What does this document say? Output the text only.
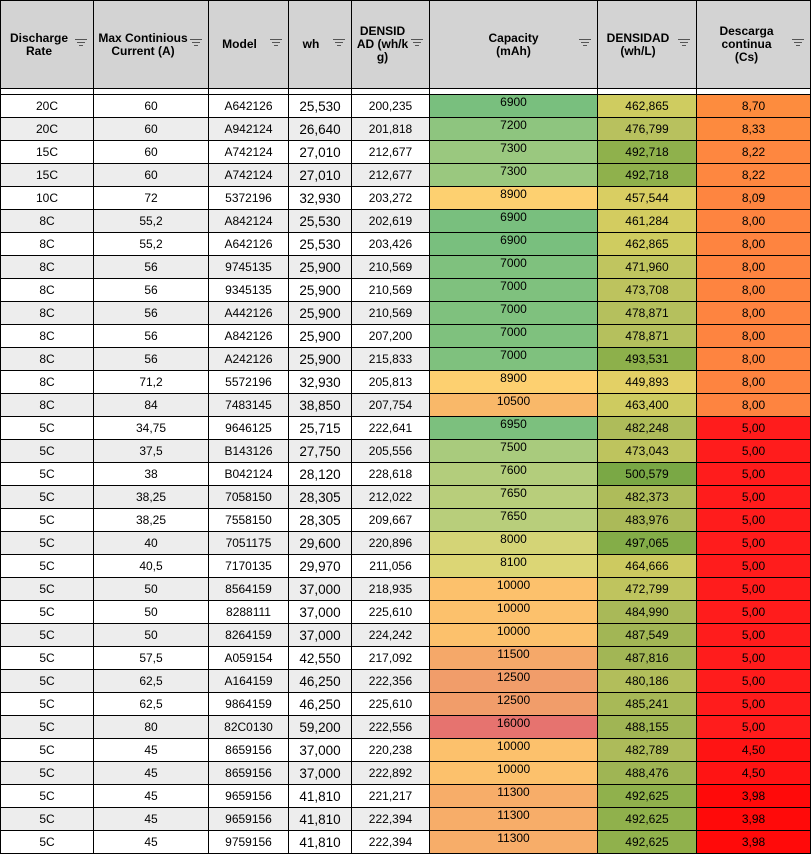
Discharge Rate	Max Continious Current (A)	Model	wh	DENSIDAD (wh/kg)	Capacity (mAh)	DENSIDAD (wh/L)	Descarga continua (Cs)

20C	60	A642126	25,530	200,235	6900	462,865	8,70
20C	60	A942124	26,640	201,818	7200	476,799	8,33
15C	60	A742124	27,010	212,677	7300	492,718	8,22
15C	60	A742124	27,010	212,677	7300	492,718	8,22
10C	72	5372196	32,930	203,272	8900	457,544	8,09
8C	55,2	A842124	25,530	202,619	6900	461,284	8,00
8C	55,2	A642126	25,530	203,426	6900	462,865	8,00
8C	56	9745135	25,900	210,569	7000	471,960	8,00
8C	56	9345135	25,900	210,569	7000	473,708	8,00
8C	56	A442126	25,900	210,569	7000	478,871	8,00
8C	56	A842126	25,900	207,200	7000	478,871	8,00
8C	56	A242126	25,900	215,833	7000	493,531	8,00
8C	71,2	5572196	32,930	205,813	8900	449,893	8,00
8C	84	7483145	38,850	207,754	10500	463,400	8,00
5C	34,75	9646125	25,715	222,641	6950	482,248	5,00
5C	37,5	B143126	27,750	205,556	7500	473,043	5,00
5C	38	B042124	28,120	228,618	7600	500,579	5,00
5C	38,25	7058150	28,305	212,022	7650	482,373	5,00
5C	38,25	7558150	28,305	209,667	7650	483,976	5,00
5C	40	7051175	29,600	220,896	8000	497,065	5,00
5C	40,5	7170135	29,970	211,056	8100	464,666	5,00
5C	50	8564159	37,000	218,935	10000	472,799	5,00
5C	50	8288111	37,000	225,610	10000	484,990	5,00
5C	50	8264159	37,000	224,242	10000	487,549	5,00
5C	57,5	A059154	42,550	217,092	11500	487,816	5,00
5C	62,5	A164159	46,250	222,356	12500	480,186	5,00
5C	62,5	9864159	46,250	225,610	12500	485,241	5,00
5C	80	82C0130	59,200	222,556	16000	488,155	5,00
5C	45	8659156	37,000	220,238	10000	482,789	4,50
5C	45	8659156	37,000	222,892	10000	488,476	4,50
5C	45	9659156	41,810	221,217	11300	492,625	3,98
5C	45	9659156	41,810	222,394	11300	492,625	3,98
5C	45	9759156	41,810	222,394	11300	492,625	3,98
